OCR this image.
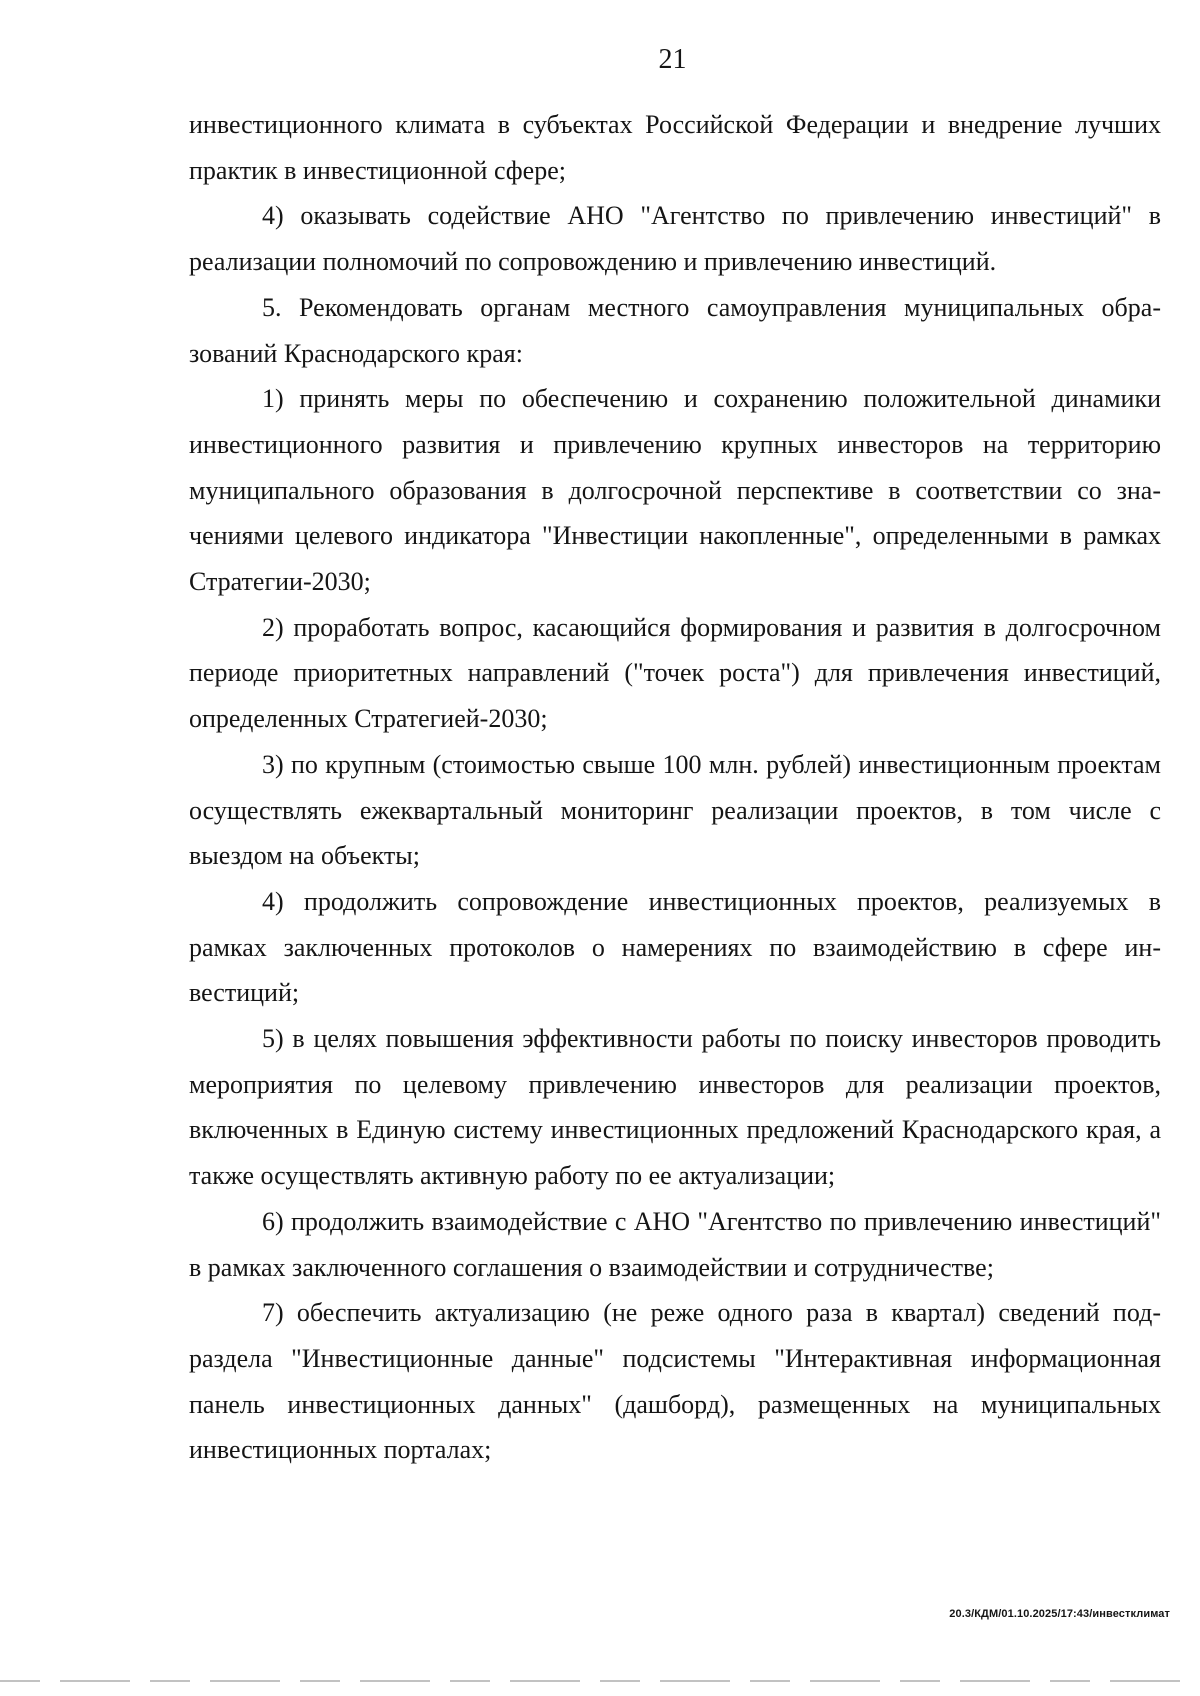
21

инвестиционного климата в субъектах Российской Федерации и внедрение лучших практик в инвестиционной сфере;

4) оказывать содействие АНО "Агентство по привлечению инвестиций" в реализации полномочий по сопровождению и привлечению инвестиций.

5. Рекомендовать органам местного самоуправления муниципальных образований Краснодарского края:

1) принять меры по обеспечению и сохранению положительной динамики инвестиционного развития и привлечению крупных инвесторов на территорию муниципального образования в долгосрочной перспективе в соответствии со значениями целевого индикатора "Инвестиции накопленные", определенными в рамках Стратегии-2030;

2) проработать вопрос, касающийся формирования и развития в долгосрочном периоде приоритетных направлений ("точек роста") для привлечения инвестиций, определенных Стратегией-2030;

3) по крупным (стоимостью свыше 100 млн. рублей) инвестиционным проектам осуществлять ежеквартальный мониторинг реализации проектов, в том числе с выездом на объекты;

4) продолжить сопровождение инвестиционных проектов, реализуемых в рамках заключенных протоколов о намерениях по взаимодействию в сфере инвестиций;

5) в целях повышения эффективности работы по поиску инвесторов проводить мероприятия по целевому привлечению инвесторов для реализации проектов, включенных в Единую систему инвестиционных предложений Краснодарского края, а также осуществлять активную работу по ее актуализации;

6) продолжить взаимодействие с АНО "Агентство по привлечению инвестиций" в рамках заключенного соглашения о взаимодействии и сотрудничестве;

7) обеспечить актуализацию (не реже одного раза в квартал) сведений подраздела "Инвестиционные данные" подсистемы "Интерактивная информационная панель инвестиционных данных" (дашборд), размещенных на муниципальных инвестиционных порталах;

20.3/КДМ/01.10.2025/17:43/инвестклимат
